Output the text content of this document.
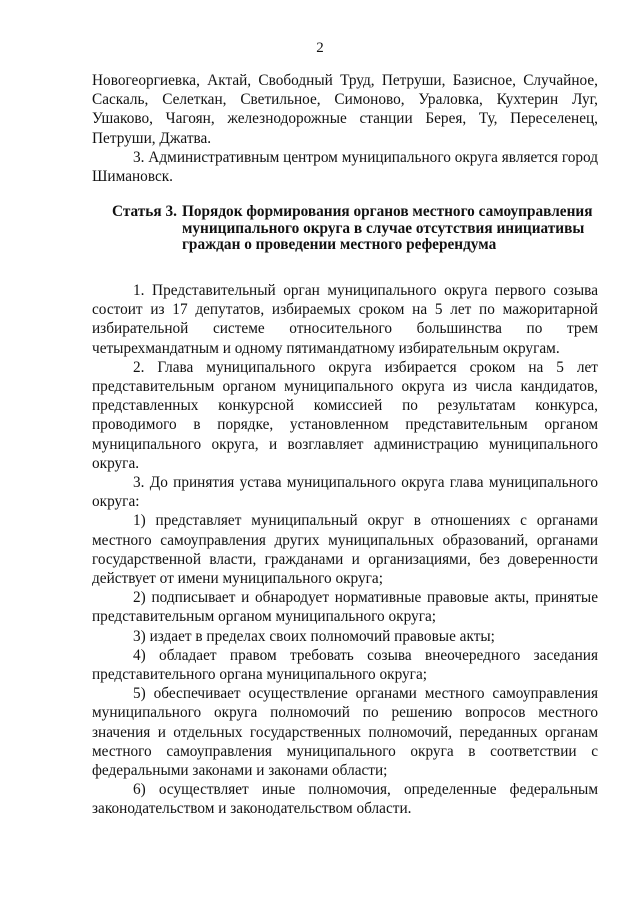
2

Новогеоргиевка, Актай, Свободный Труд, Петруши, Базисное, Случайное, Саскаль, Селеткан, Светильное, Симоново, Ураловка, Кухтерин Луг, Ушаково, Чагоян, железнодорожные станции Берея, Ту, Переселенец, Петруши, Джатва.

3. Административным центром муниципального округа является город Шимановск.

Статья 3. Порядок формирования органов местного самоуправления муниципального округа в случае отсутствия инициативы граждан о проведении местного референдума

1. Представительный орган муниципального округа первого созыва состоит из 17 депутатов, избираемых сроком на 5 лет по мажоритарной избирательной системе относительного большинства по трем четырехмандатным и одному пятимандатному избирательным округам.

2. Глава муниципального округа избирается сроком на 5 лет представительным органом муниципального округа из числа кандидатов, представленных конкурсной комиссией по результатам конкурса, проводимого в порядке, установленном представительным органом муниципального округа, и возглавляет администрацию муниципального округа.

3. До принятия устава муниципального округа глава муниципального округа:

1) представляет муниципальный округ в отношениях с органами местного самоуправления других муниципальных образований, органами государственной власти, гражданами и организациями, без доверенности действует от имени муниципального округа;

2) подписывает и обнародует нормативные правовые акты, принятые представительным органом муниципального округа;

3) издает в пределах своих полномочий правовые акты;

4) обладает правом требовать созыва внеочередного заседания представительного органа муниципального округа;

5) обеспечивает осуществление органами местного самоуправления муниципального округа полномочий по решению вопросов местного значения и отдельных государственных полномочий, переданных органам местного самоуправления муниципального округа в соответствии с федеральными законами и законами области;

6) осуществляет иные полномочия, определенные федеральным законодательством и законодательством области.
